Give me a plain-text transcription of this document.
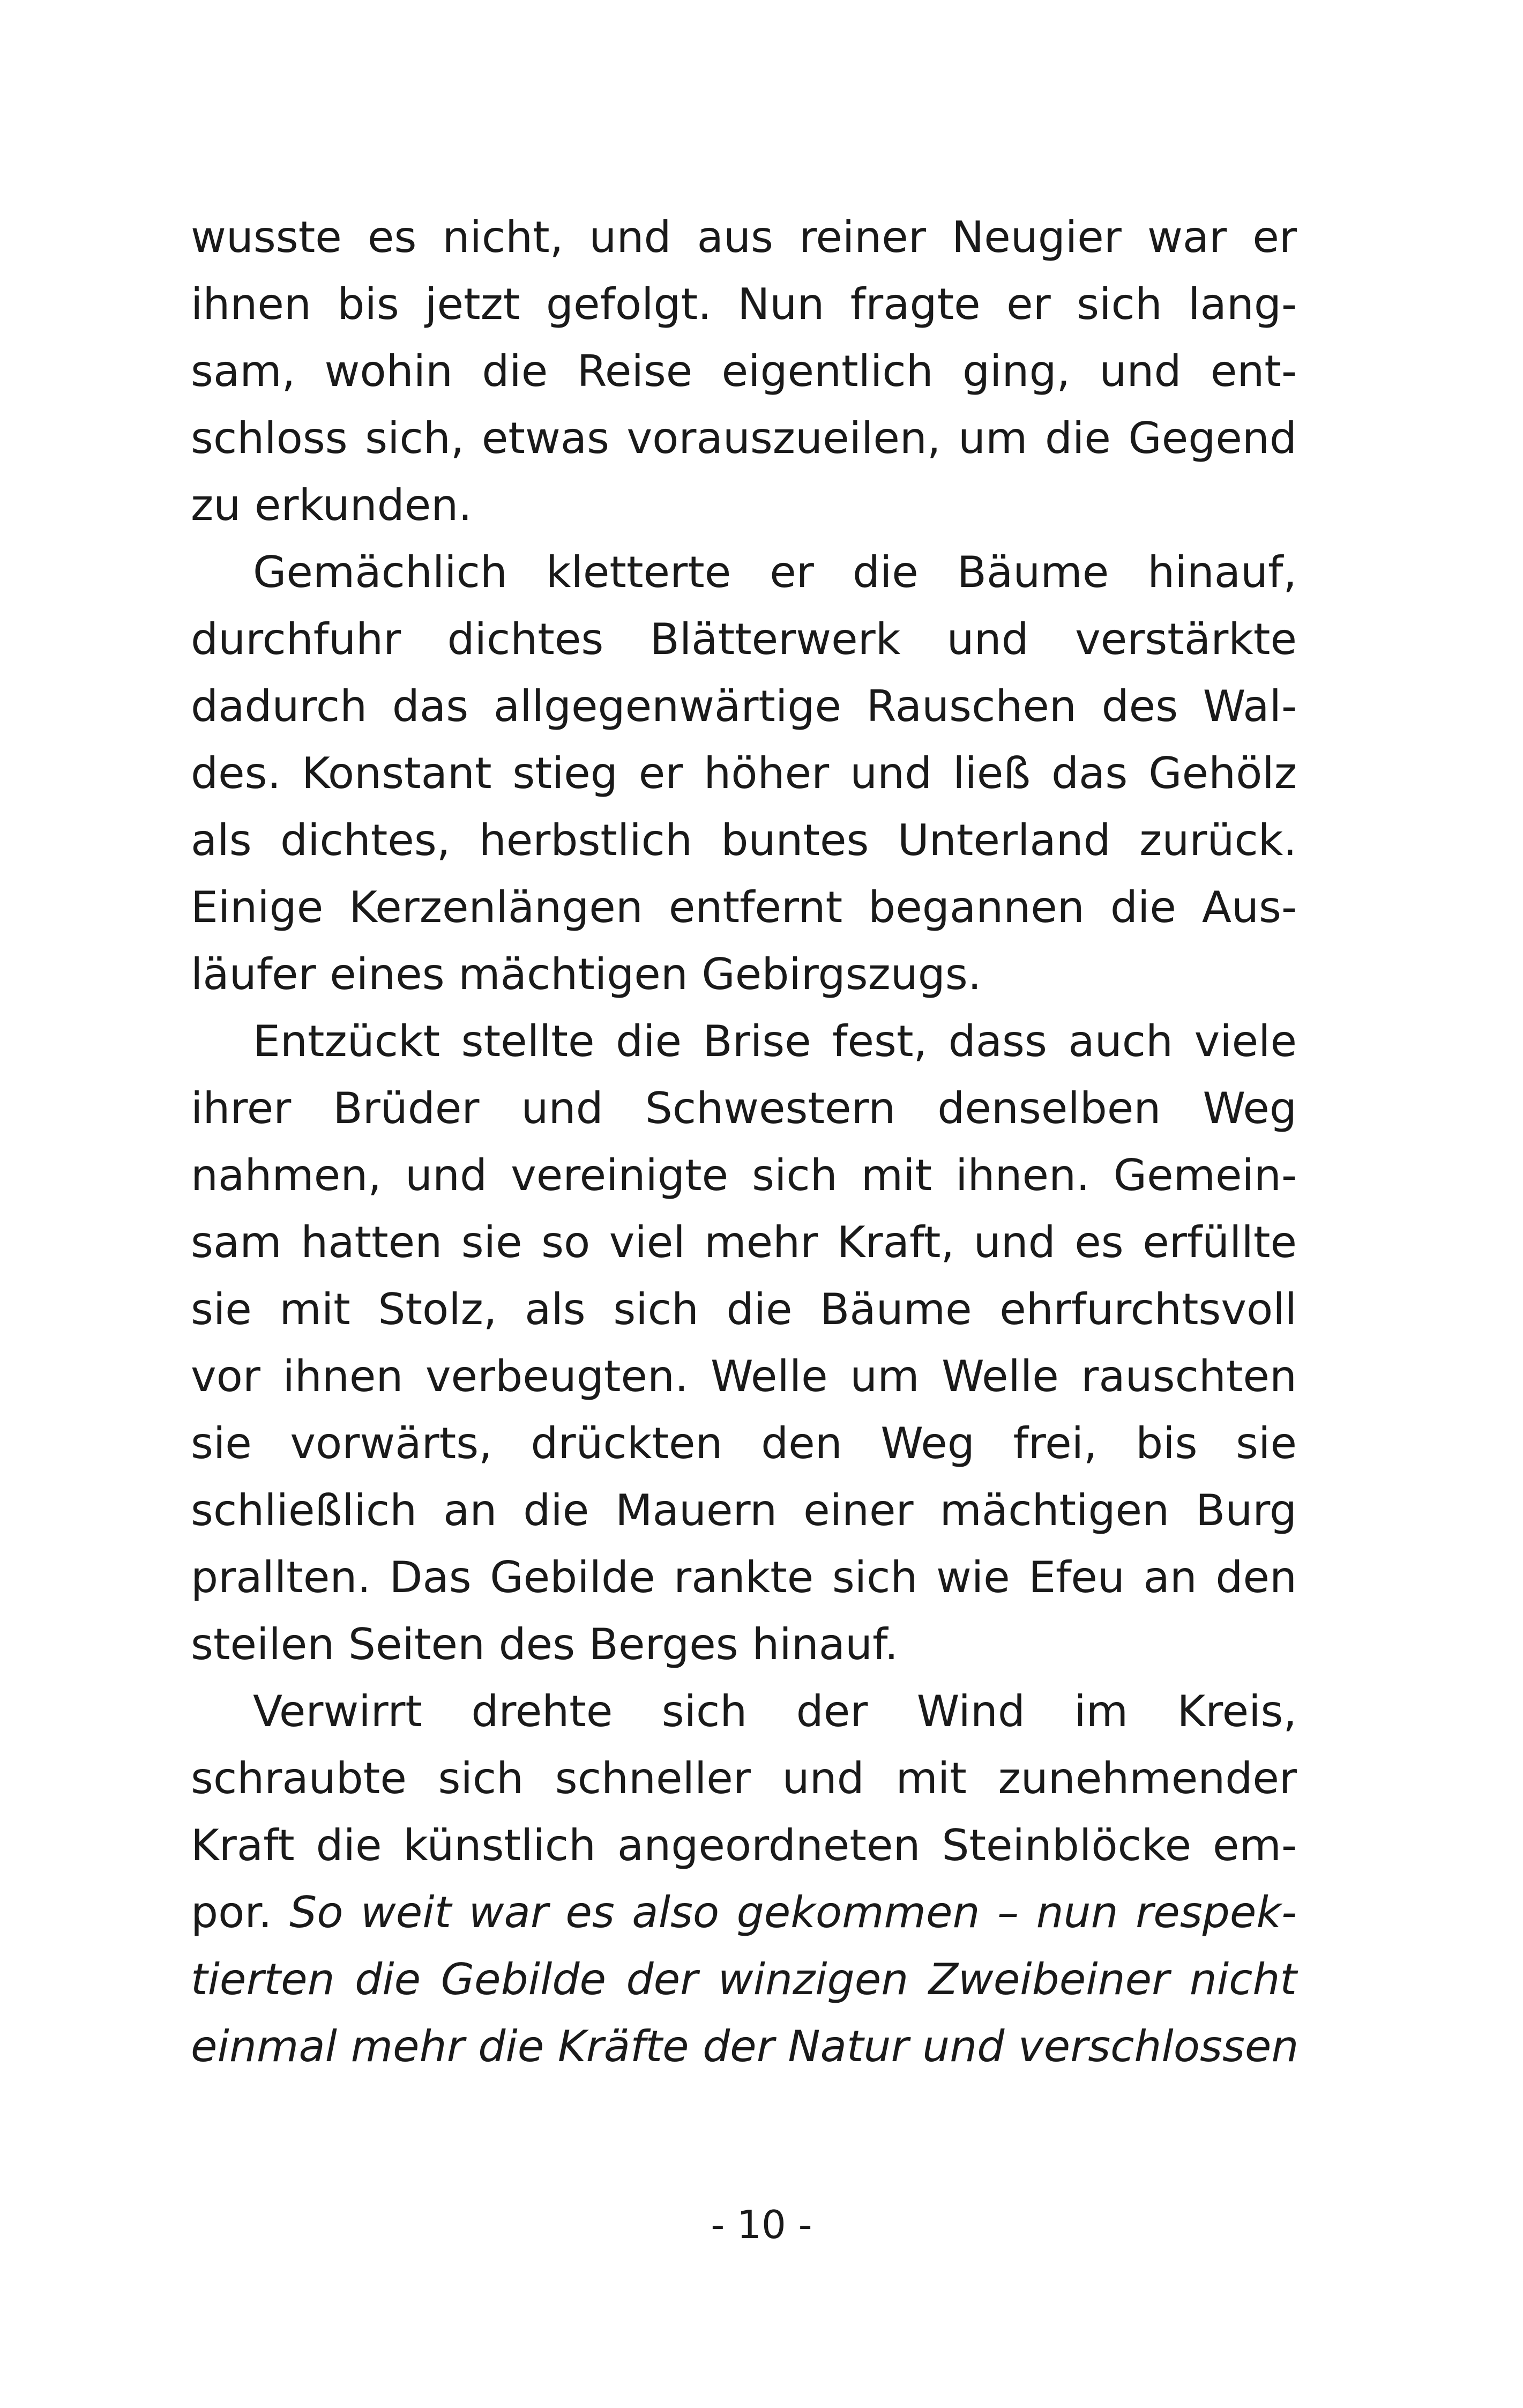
wusste es nicht, und aus reiner Neugier war er
ihnen bis jetzt gefolgt. Nun fragte er sich lang-
sam, wohin die Reise eigentlich ging, und ent-
schloss sich, etwas vorauszueilen, um die Gegend
zu erkunden.
Gemächlich kletterte er die Bäume hinauf,
durchfuhr dichtes Blätterwerk und verstärkte
dadurch das allgegenwärtige Rauschen des Wal-
des. Konstant stieg er höher und ließ das Gehölz
als dichtes, herbstlich buntes Unterland zurück.
Einige Kerzenlängen entfernt begannen die Aus-
läufer eines mächtigen Gebirgszugs.
Entzückt stellte die Brise fest, dass auch viele
ihrer Brüder und Schwestern denselben Weg
nahmen, und vereinigte sich mit ihnen. Gemein-
sam hatten sie so viel mehr Kraft, und es erfüllte
sie mit Stolz, als sich die Bäume ehrfurchtsvoll
vor ihnen verbeugten. Welle um Welle rauschten
sie vorwärts, drückten den Weg frei, bis sie
schließlich an die Mauern einer mächtigen Burg
prallten. Das Gebilde rankte sich wie Efeu an den
steilen Seiten des Berges hinauf.
Verwirrt drehte sich der Wind im Kreis,
schraubte sich schneller und mit zunehmender
Kraft die künstlich angeordneten Steinblöcke em-
por. So weit war es also gekommen – nun respek-
tierten die Gebilde der winzigen Zweibeiner nicht
einmal mehr die Kräfte der Natur und verschlossen
- 10 -
